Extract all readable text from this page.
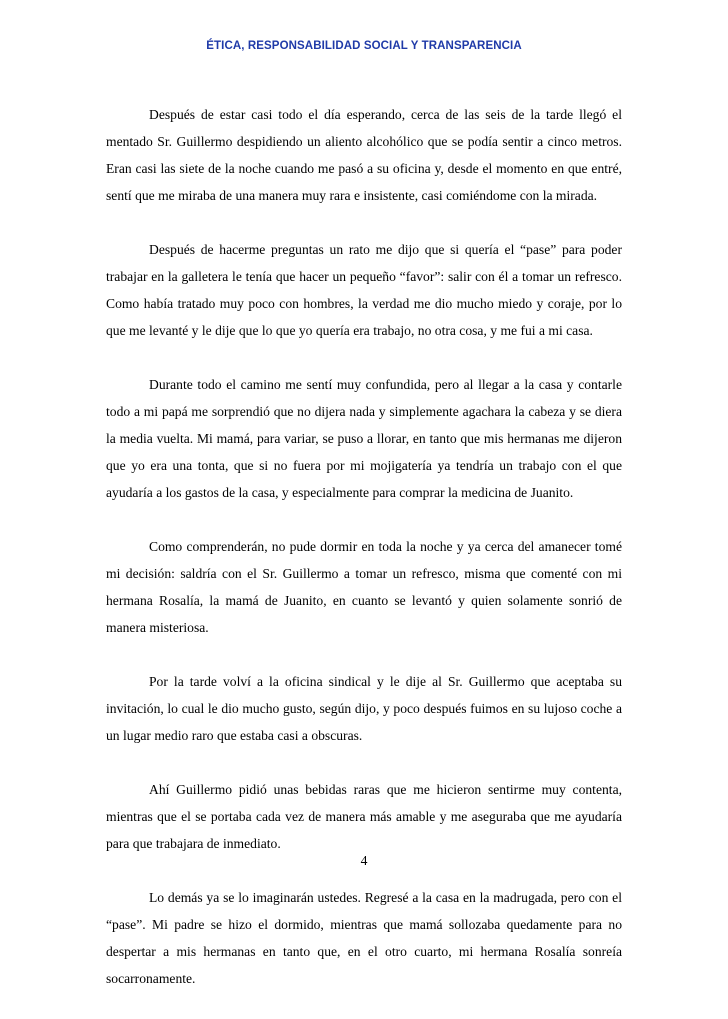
ÉTICA, RESPONSABILIDAD SOCIAL Y TRANSPARENCIA

Después de estar casi todo el día esperando, cerca de las seis de la tarde llegó el mentado Sr. Guillermo despidiendo un aliento alcohólico que se podía sentir a cinco metros. Eran casi las siete de la noche cuando me pasó a su oficina y, desde el momento en que entré, sentí que me miraba de una manera muy rara e insistente, casi comiéndome con la mirada.

Después de hacerme preguntas un rato me dijo que si quería el “pase” para poder trabajar en la galletera le tenía que hacer un pequeño “favor”: salir con él a tomar un refresco. Como había tratado muy poco con hombres, la verdad me dio mucho miedo y coraje, por lo que me levanté y le dije que lo que yo quería era trabajo, no otra cosa, y me fui a mi casa.

Durante todo el camino me sentí muy confundida, pero al llegar a la casa y contarle todo a mi papá me sorprendió que no dijera nada y simplemente agachara la cabeza y se diera la media vuelta. Mi mamá, para variar, se puso a llorar, en tanto que mis hermanas me dijeron que yo era una tonta, que si no fuera por mi mojigatería ya tendría un trabajo con el que ayudaría a los gastos de la casa, y especialmente para comprar la medicina de Juanito.

Como comprenderán, no pude dormir en toda la noche y ya cerca del amanecer tomé mi decisión: saldría con el Sr. Guillermo a tomar un refresco, misma que comenté con mi hermana Rosalía, la mamá de Juanito, en cuanto se levantó y quien solamente sonrió de manera misteriosa.

Por la tarde volví a la oficina sindical y le dije al Sr. Guillermo que aceptaba su invitación, lo cual le dio mucho gusto, según dijo, y poco después fuimos en su lujoso coche a un lugar medio raro que estaba casi a obscuras.

Ahí Guillermo pidió unas bebidas raras que me hicieron sentirme muy contenta, mientras que el se portaba cada vez de manera más amable y me aseguraba que me ayudaría para que trabajara de inmediato.

Lo demás ya se lo imaginarán ustedes. Regresé a la casa en la madrugada, pero con el “pase”. Mi padre se hizo el dormido, mientras que mamá sollozaba quedamente para no despertar a mis hermanas en tanto que, en el otro cuarto, mi hermana Rosalía sonreía socarronamente.

4
